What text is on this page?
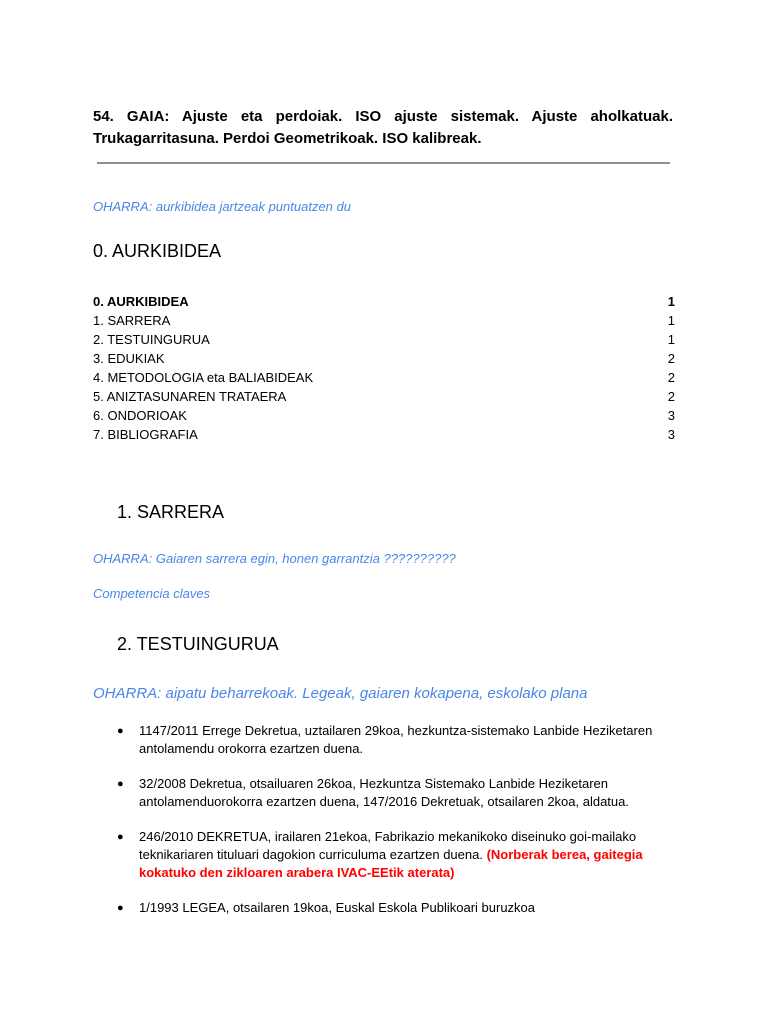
54. GAIA: Ajuste eta perdoiak. ISO ajuste sistemak. Ajuste aholkatuak. Trukagarritasuna. Perdoi Geometrikoak. ISO kalibreak.
OHARRA: aurkibidea jartzeak puntuatzen du
0. AURKIBIDEA
0. AURKIBIDEA	1
1. SARRERA	1
2. TESTUINGURUA	1
3. EDUKIAK	2
4. METODOLOGIA eta BALIABIDEAK	2
5. ANIZTASUNAREN TRATAERA	2
6. ONDORIOAK	3
7. BIBLIOGRAFIA	3
1. SARRERA
OHARRA: Gaiaren sarrera egin, honen garrantzia ??????????
Competencia claves
2. TESTUINGURUA
OHARRA: aipatu beharrekoak. Legeak, gaiaren kokapena, eskolako plana
●	1147/2011 Errege Dekretua, uztailaren 29koa, hezkuntza-sistemako Lanbide Heziketaren antolamendu orokorra ezartzen duena.
●	32/2008 Dekretua, otsailuaren 26koa, Hezkuntza Sistemako Lanbide Heziketaren antolamenduorokorra ezartzen duena, 147/2016 Dekretuak, otsailaren 2koa, aldatua.
●	246/2010 DEKRETUA, irailaren 21ekoa, Fabrikazio mekanikoko diseinuko goi-mailako teknikariaren tituluari dagokion curriculuma ezartzen duena. (Norberak berea, gaitegia kokatuko den zikloaren arabera IVAC-EEtik aterata)
●	1/1993 LEGEA, otsailaren 19koa, Euskal Eskola Publikoari buruzkoa
